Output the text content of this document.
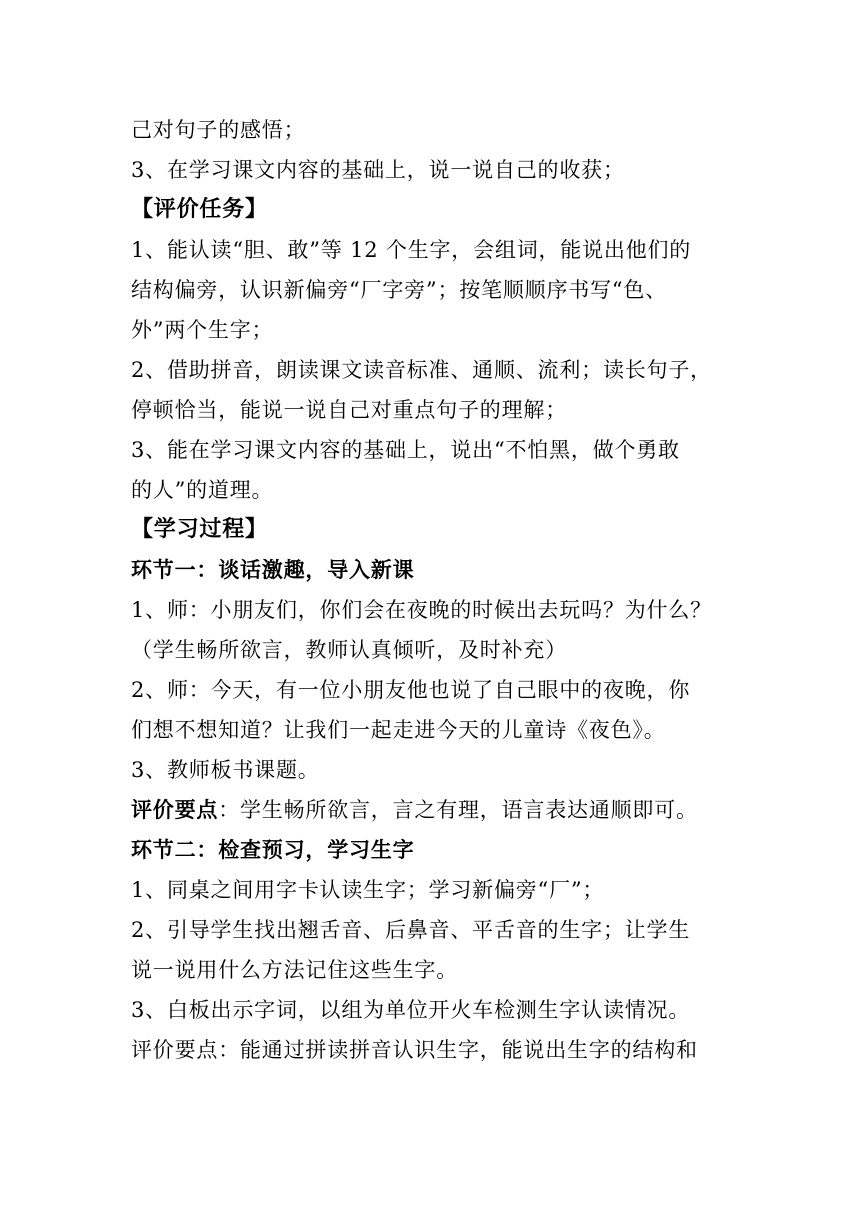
己对句子的感悟；
3、在学习课文内容的基础上，说一说自己的收获；
【评价任务】
1、能认读“胆、敢”等 12 个生字，会组词，能说出他们的
结构偏旁，认识新偏旁“厂字旁”；按笔顺顺序书写“色、
外”两个生字；
2、借助拼音，朗读课文读音标准、通顺、流利；读长句子，
停顿恰当，能说一说自己对重点句子的理解；
3、能在学习课文内容的基础上，说出“不怕黑，做个勇敢
的人”的道理。
【学习过程】
环节一：谈话激趣，导入新课
1、师：小朋友们，你们会在夜晚的时候出去玩吗？为什么？
（学生畅所欲言，教师认真倾听，及时补充）
2、师：今天，有一位小朋友他也说了自己眼中的夜晚，你
们想不想知道？让我们一起走进今天的儿童诗《夜色》。
3、教师板书课题。
评价要点：学生畅所欲言，言之有理，语言表达通顺即可。
环节二：检查预习，学习生字
1、同桌之间用字卡认读生字；学习新偏旁“厂”；
2、引导学生找出翘舌音、后鼻音、平舌音的生字；让学生
说一说用什么方法记住这些生字。
3、白板出示字词，以组为单位开火车检测生字认读情况。
评价要点：能通过拼读拼音认识生字，能说出生字的结构和
